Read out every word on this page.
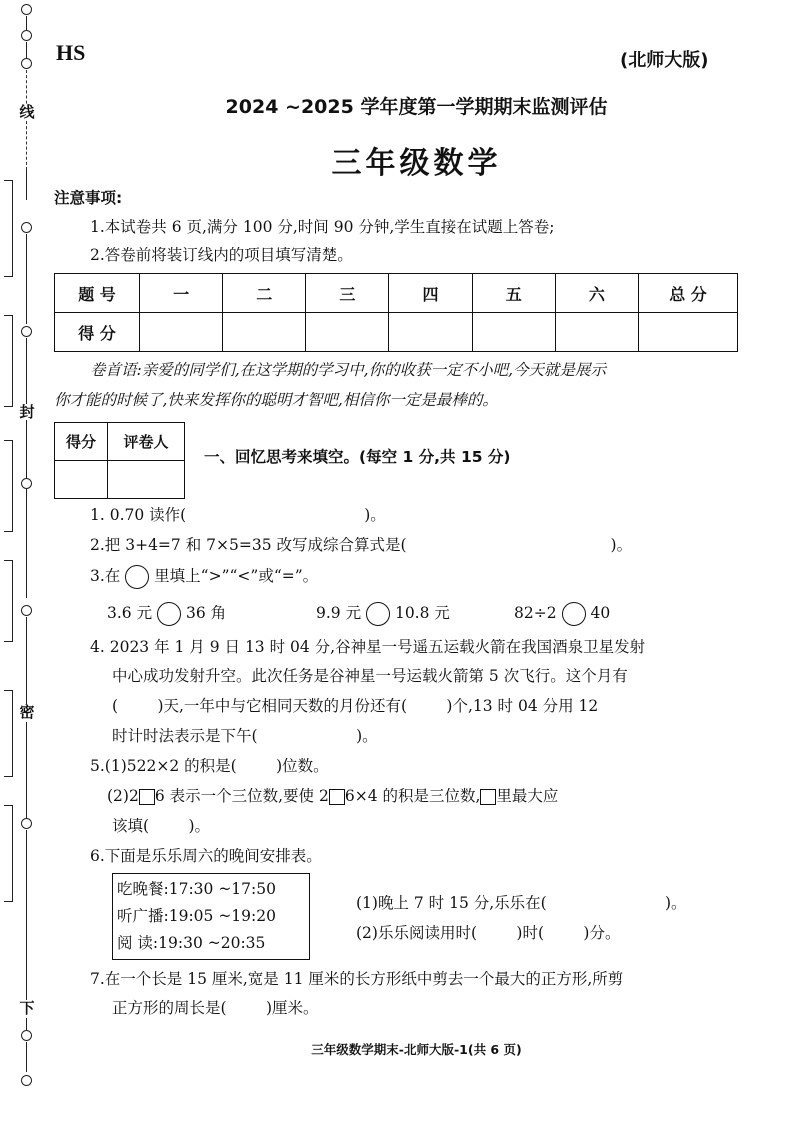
线
封
密
下
HS	(北师大版)
2024 ~2025 学年度第一学期期末监测评估
三年级数学
注意事项:
1.本试卷共 6 页,满分 100 分,时间 90 分钟,学生直接在试题上答卷;
2.答卷前将装订线内的项目填写清楚。
题 号	一	二	三	四	五	六	总 分
得 分							
卷首语:亲爱的同学们,在这学期的学习中,你的收获一定不小吧,今天就是展示
你才能的时候了,快来发挥你的聪明才智吧,相信你一定是最棒的。
得分	评卷人

一、回忆思考来填空。(每空 1 分,共 15 分)
1. 0.70 读作(	)。
2.把 3+4=7 和 7×5=35 改写成综合算式是(	)。
3.在 里填上“>”“<”或“=”。
3.6 元 36 角	9.9 元 10.8 元	82÷2 40
4. 2023 年 1 月 9 日 13 时 04 分,谷神星一号遥五运载火箭在我国酒泉卫星发射
中心成功发射升空。此次任务是谷神星一号运载火箭第 5 次飞行。这个月有
(        )天,一年中与它相同天数的月份还有(        )个,13 时 04 分用 12
时计时法表示是下午(                    )。
5.(1)522×2 的积是(        )位数。
(2)2 6 表示一个三位数,要使 2 6×4 的积是三位数, 里最大应
该填(        )。
6.下面是乐乐周六的晚间安排表。
吃晚餐:17:30 ~17:50
听广播:19:05 ~19:20
阅 读:19:30 ~20:35
(1)晚上 7 时 15 分,乐乐在(                        )。
(2)乐乐阅读用时(        )时(        )分。
7.在一个长是 15 厘米,宽是 11 厘米的长方形纸中剪去一个最大的正方形,所剪
正方形的周长是(        )厘米。
三年级数学期末-北师大版-1(共 6 页)
